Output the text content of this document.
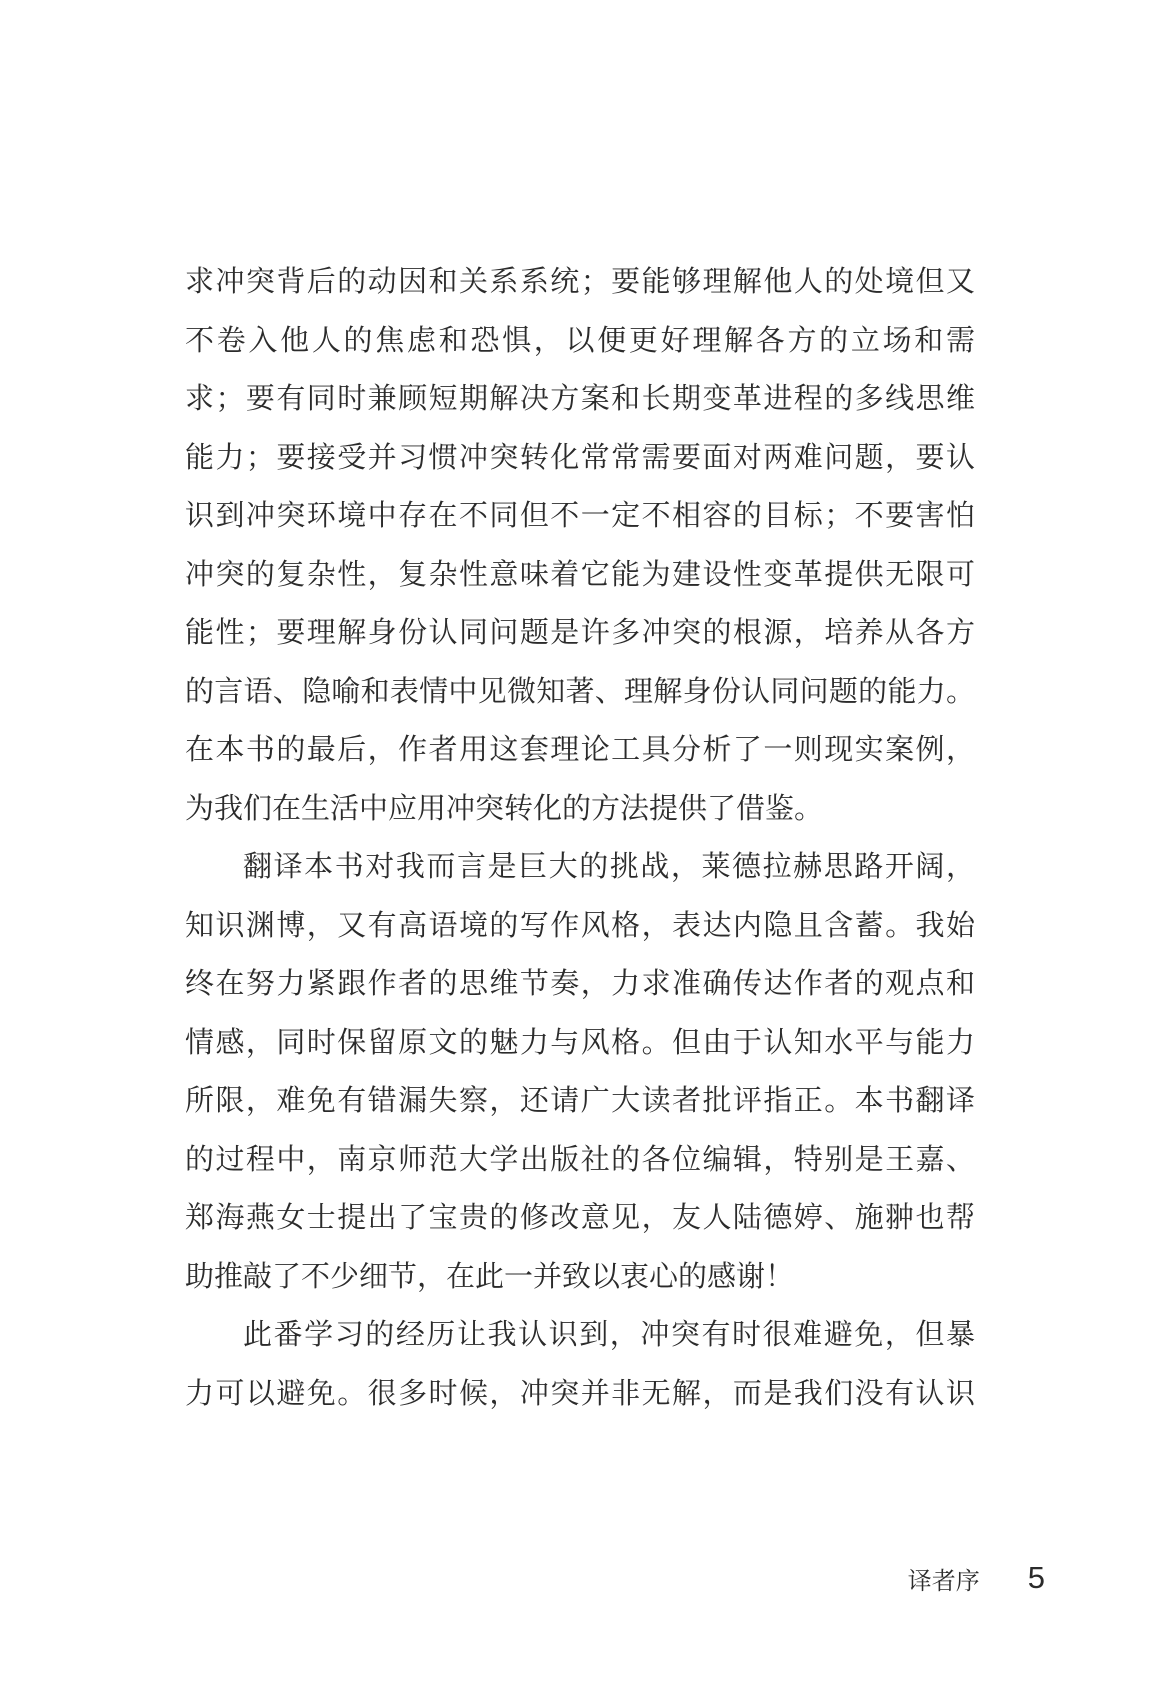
求冲突背后的动因和关系系统；要能够理解他人的处境但又
不卷入他人的焦虑和恐惧，以便更好理解各方的立场和需
求；要有同时兼顾短期解决方案和长期变革进程的多线思维
能力；要接受并习惯冲突转化常常需要面对两难问题，要认
识到冲突环境中存在不同但不一定不相容的目标；不要害怕
冲突的复杂性，复杂性意味着它能为建设性变革提供无限可
能性；要理解身份认同问题是许多冲突的根源，培养从各方
的言语、隐喻和表情中见微知著、理解身份认同问题的能力。
在本书的最后，作者用这套理论工具分析了一则现实案例，
为我们在生活中应用冲突转化的方法提供了借鉴。
翻译本书对我而言是巨大的挑战，莱德拉赫思路开阔，
知识渊博，又有高语境的写作风格，表达内隐且含蓄。我始
终在努力紧跟作者的思维节奏，力求准确传达作者的观点和
情感，同时保留原文的魅力与风格。但由于认知水平与能力
所限，难免有错漏失察，还请广大读者批评指正。本书翻译
的过程中，南京师范大学出版社的各位编辑，特别是王嘉、
郑海燕女士提出了宝贵的修改意见，友人陆德婷、施翀也帮
助推敲了不少细节，在此一并致以衷心的感谢！
此番学习的经历让我认识到，冲突有时很难避免，但暴
力可以避免。很多时候，冲突并非无解，而是我们没有认识
译者序 5
